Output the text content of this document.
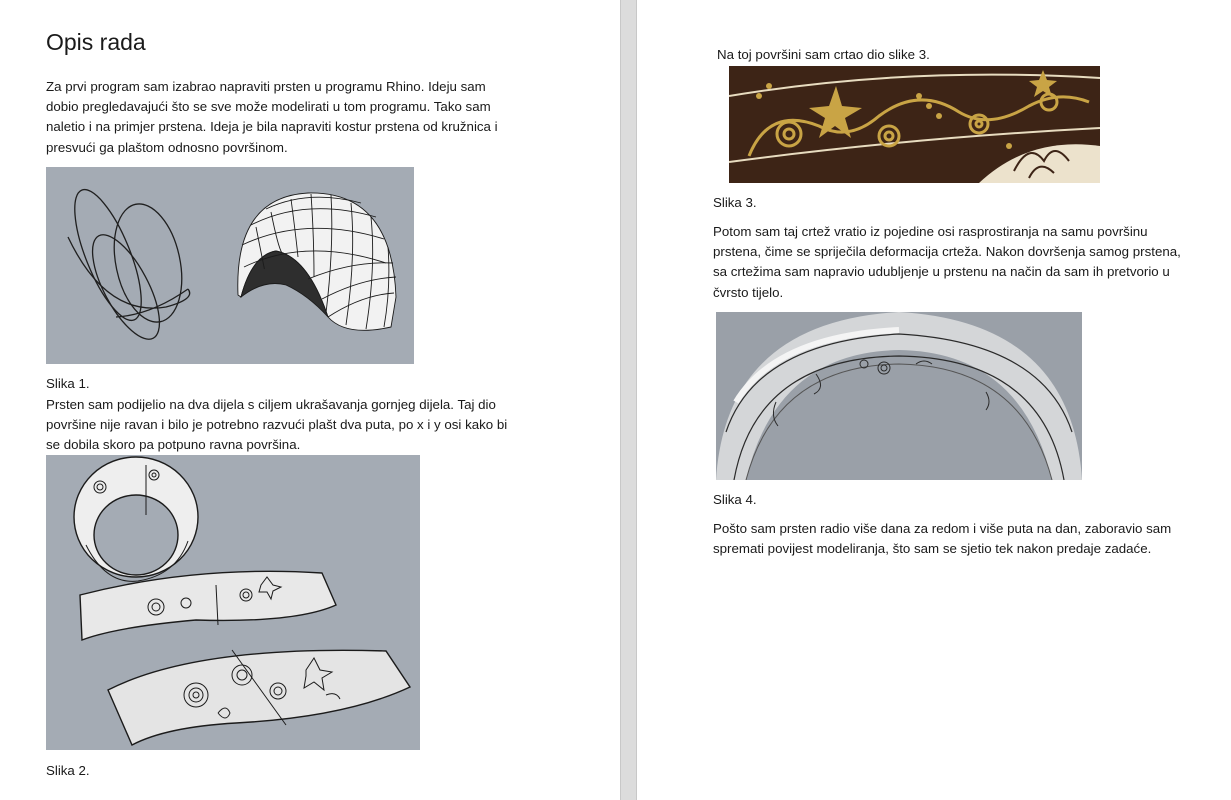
Opis rada
Za prvi program sam izabrao napraviti prsten u programu Rhino. Ideju sam
dobio pregledavajući što se sve može modelirati u tom programu. Tako sam
naletio i na primjer prstena. Ideja je bila napraviti kostur prstena od kružnica i
presvući ga plaštom odnosno površinom.
Slika 1.
Prsten sam podijelio na dva dijela s ciljem ukrašavanja gornjeg dijela. Taj dio
površine nije ravan i bilo je potrebno razvući plašt dva puta, po x i y osi kako bi
se dobila skoro pa potpuno ravna površina.
Slika 2.
Na toj površini sam crtao dio slike 3.
Slika 3.
Potom sam taj crtež vratio iz pojedine osi rasprostiranja na samu površinu
prstena, čime se spriječila deformacija crteža. Nakon dovršenja samog prstena,
sa crtežima sam napravio udubljenje u prstenu na način da sam ih pretvorio u
čvrsto tijelo.
Slika 4.
Pošto sam prsten radio više dana za redom i više puta na dan, zaboravio sam
spremati povijest modeliranja, što sam se sjetio tek nakon predaje zadaće.
